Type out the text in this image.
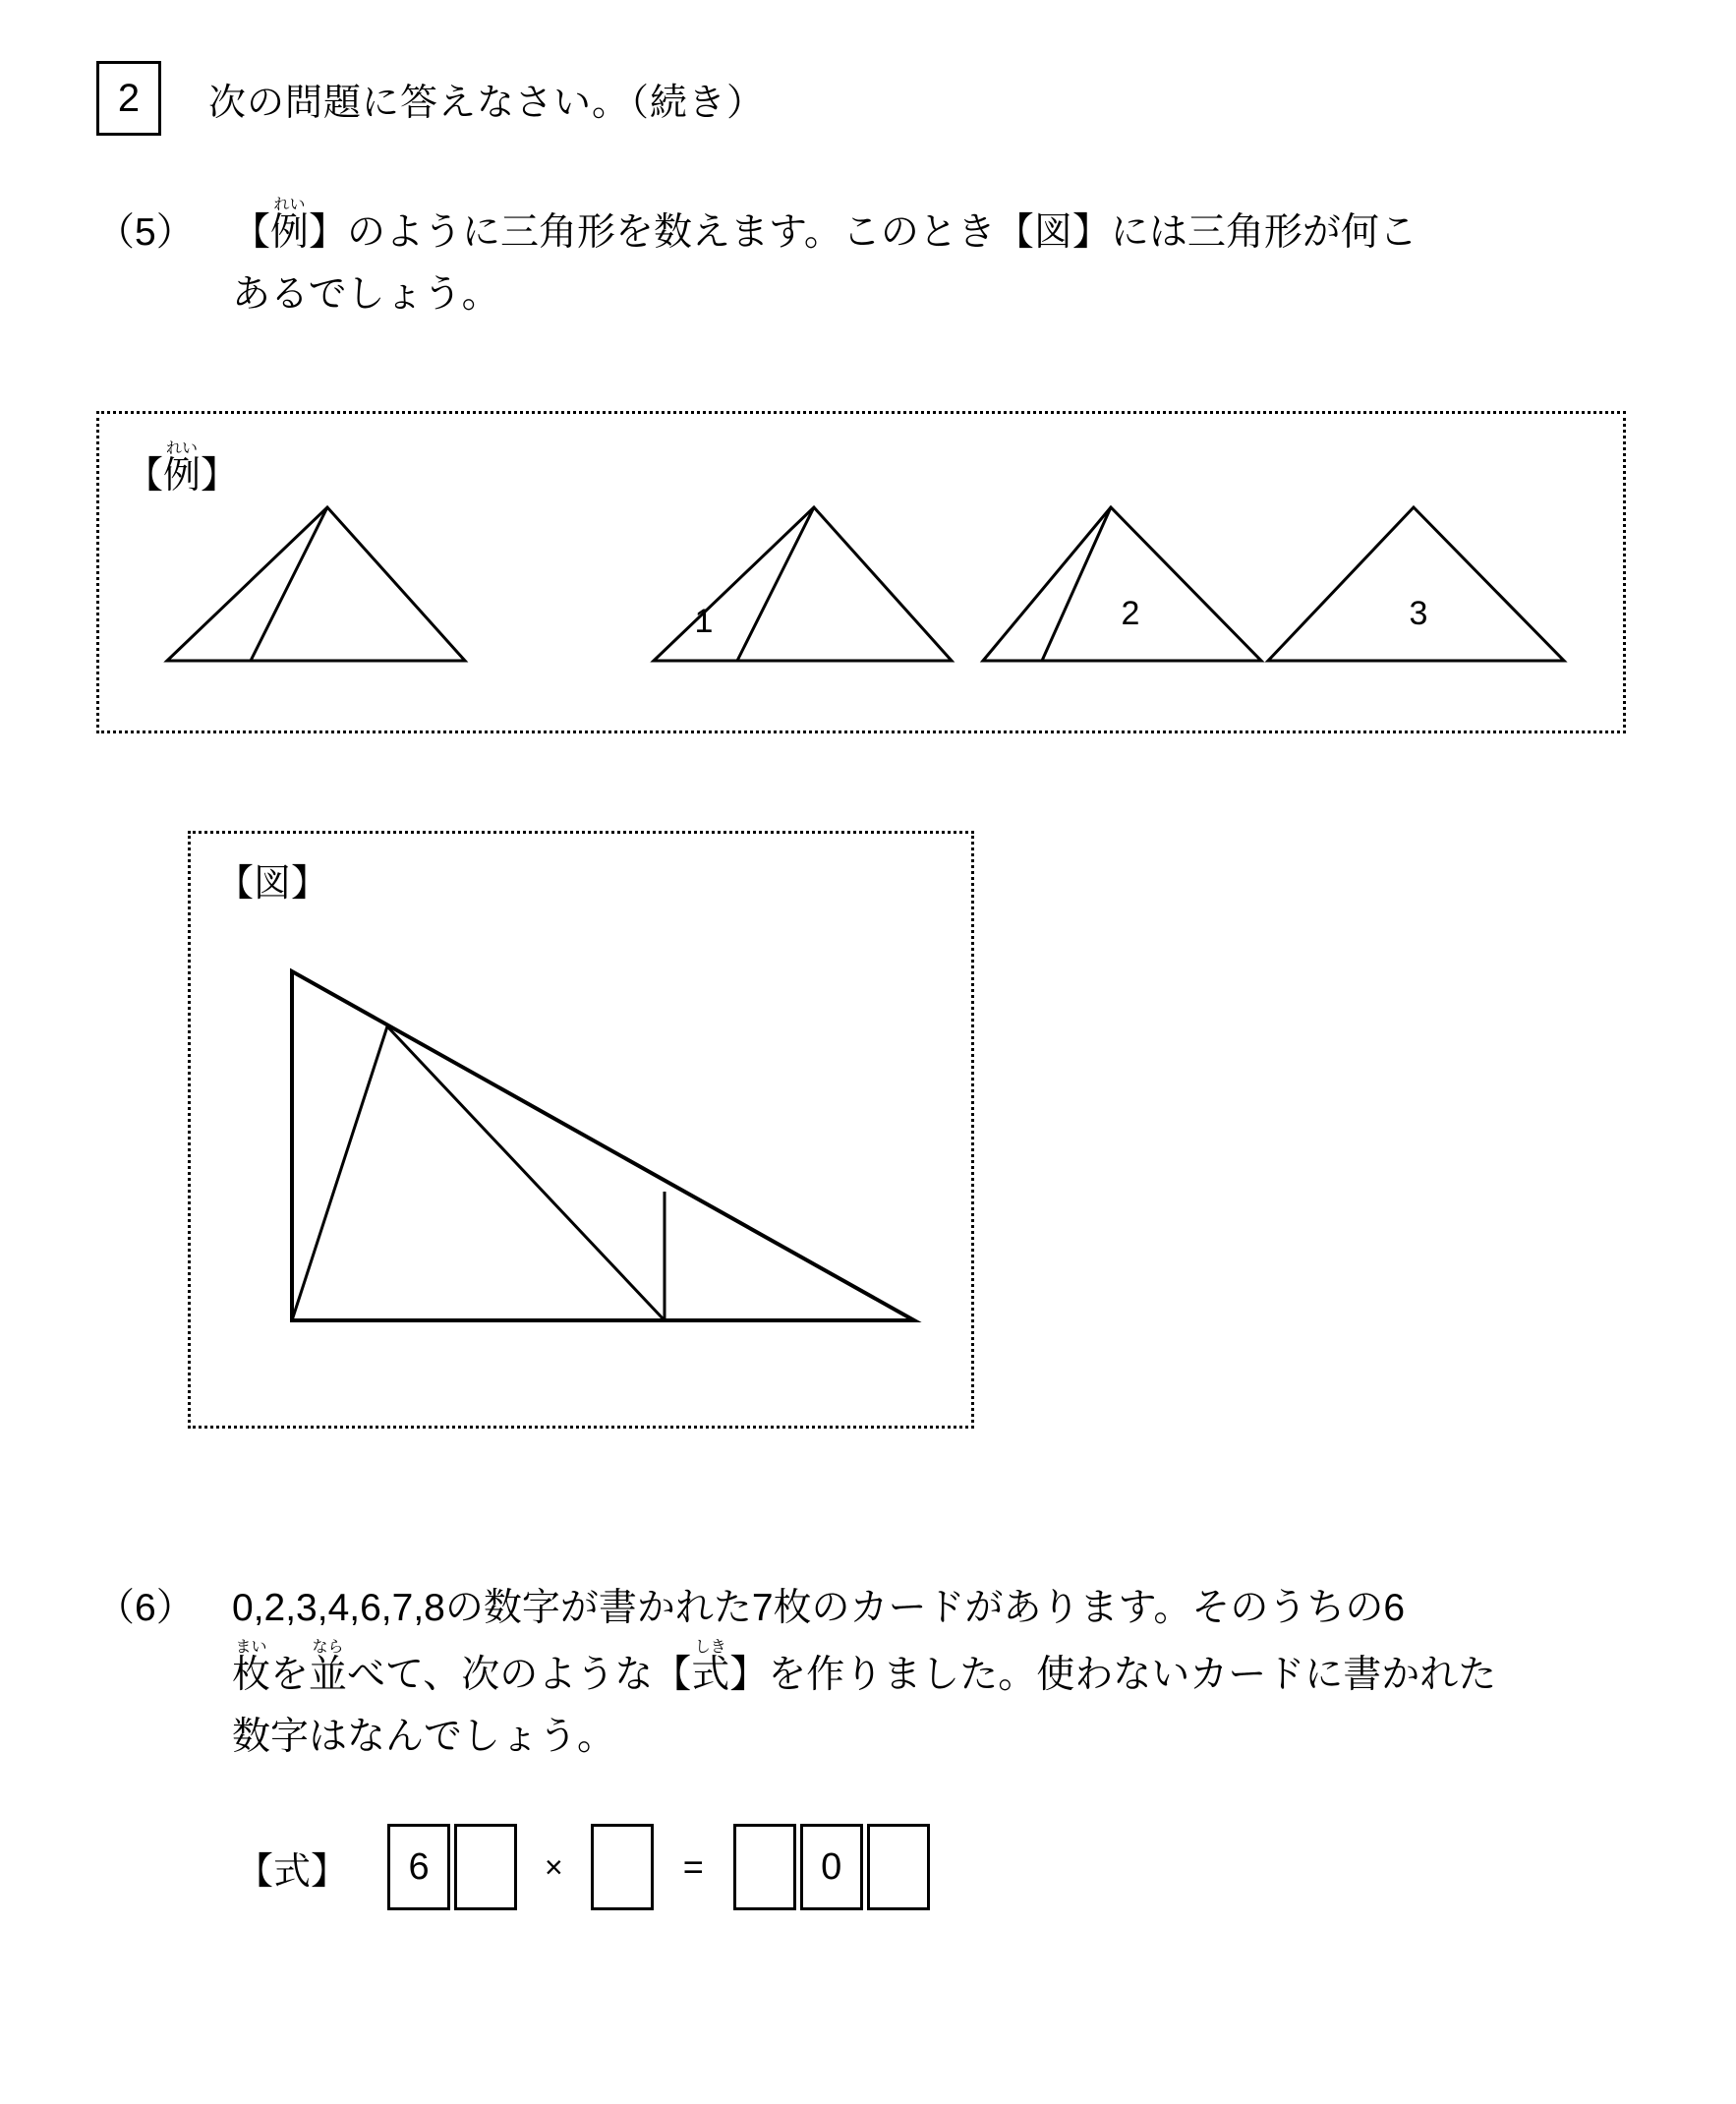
2	次の問題に答えなさい。（続き）
（5） 【例れい】のように三角形を数えます。このとき【図】には三角形が何こ
あるでしょう。
【例れい】
1	2	3
【図】
（6） 0,2,3,4,6,7,8の数字が書かれた7枚のカードがあります。そのうちの6
枚まいを並ならべて、次のような【式しき】を作りました。使わないカードに書かれた
数字はなんでしょう。
【式】	6	×	=	0
